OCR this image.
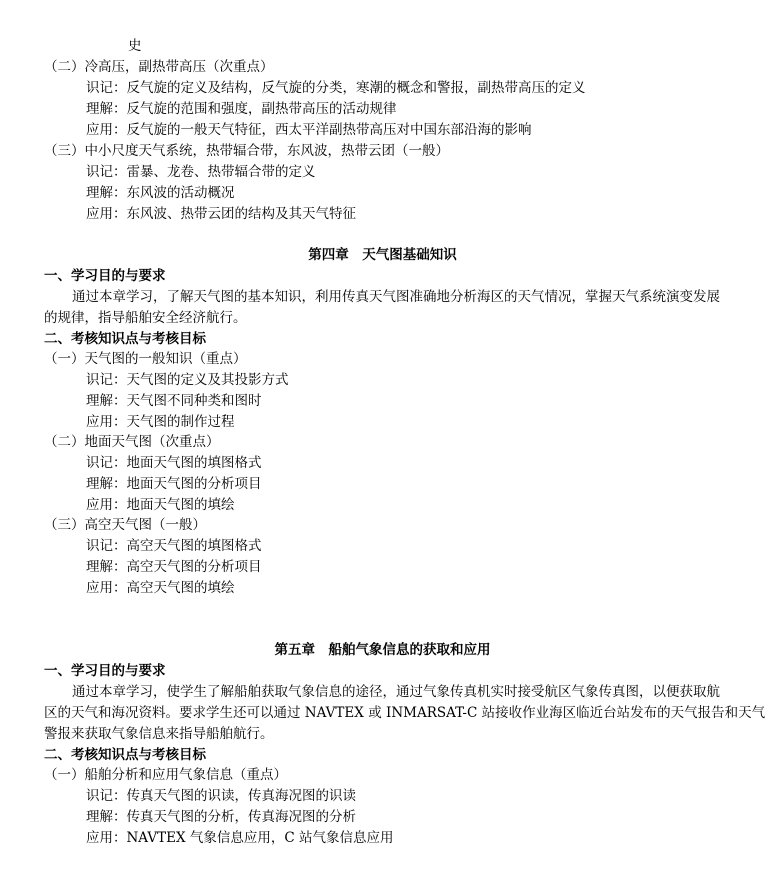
史
（二）冷高压，副热带高压（次重点）
识记：反气旋的定义及结构，反气旋的分类，寒潮的概念和警报，副热带高压的定义
理解：反气旋的范围和强度，副热带高压的活动规律
应用：反气旋的一般天气特征，西太平洋副热带高压对中国东部沿海的影响
（三）中小尺度天气系统，热带辐合带，东风波，热带云团（一般）
识记：雷暴、龙卷、热带辐合带的定义
理解：东风波的活动概况
应用：东风波、热带云团的结构及其天气特征
第四章　天气图基础知识
一、学习目的与要求
通过本章学习，了解天气图的基本知识，利用传真天气图准确地分析海区的天气情况，掌握天气系统演变发展
的规律，指导船舶安全经济航行。
二、考核知识点与考核目标
（一）天气图的一般知识（重点）
识记：天气图的定义及其投影方式
理解：天气图不同种类和图时
应用：天气图的制作过程
（二）地面天气图（次重点）
识记：地面天气图的填图格式
理解：地面天气图的分析项目
应用：地面天气图的填绘
（三）高空天气图（一般）
识记：高空天气图的填图格式
理解：高空天气图的分析项目
应用：高空天气图的填绘
第五章　船舶气象信息的获取和应用
一、学习目的与要求
通过本章学习，使学生了解船舶获取气象信息的途径，通过气象传真机实时接受航区气象传真图，以便获取航
区的天气和海况资料。要求学生还可以通过 NAVTEX 或 INMARSAT-C 站接收作业海区临近台站发布的天气报告和天气
警报来获取气象信息来指导船舶航行。
二、考核知识点与考核目标
（一）船舶分析和应用气象信息（重点）
识记：传真天气图的识读，传真海况图的识读
理解：传真天气图的分析，传真海况图的分析
应用：NAVTEX 气象信息应用，C 站气象信息应用
